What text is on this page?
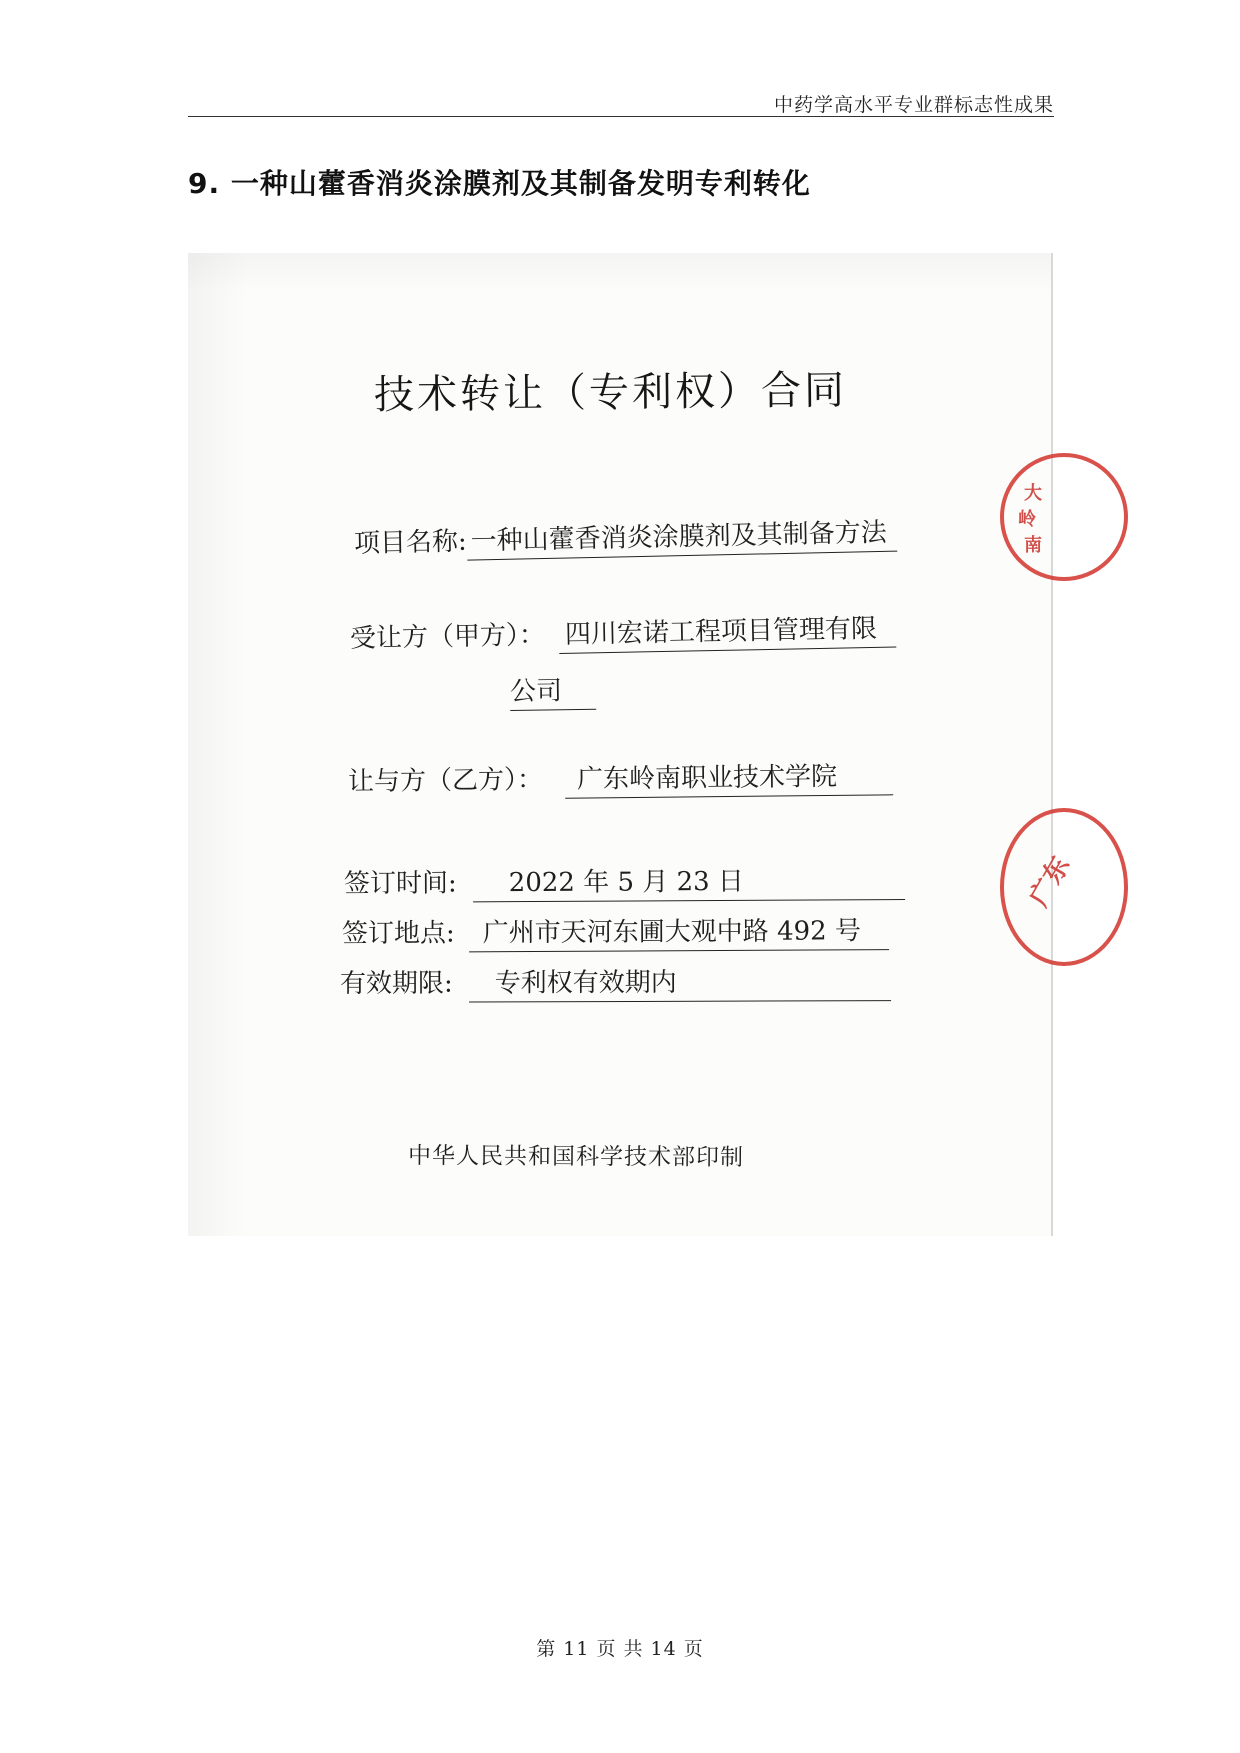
中药学高水平专业群标志性成果
9. 一种山藿香消炎涂膜剂及其制备发明专利转化
技术转让（专利权）合同
项目名称: 一种山藿香消炎涂膜剂及其制备方法
受让方（甲方）： 四川宏诺工程项目管理有限
公司
让与方（乙方）： 广东岭南职业技术学院
签订时间: 2022 年 5 月 23 日
签订地点: 广州市天河东圃大观中路 492 号
有效期限: 专利权有效期内
中华人民共和国科学技术部印制
大
岭
南
广东
第 11 页 共 14 页
